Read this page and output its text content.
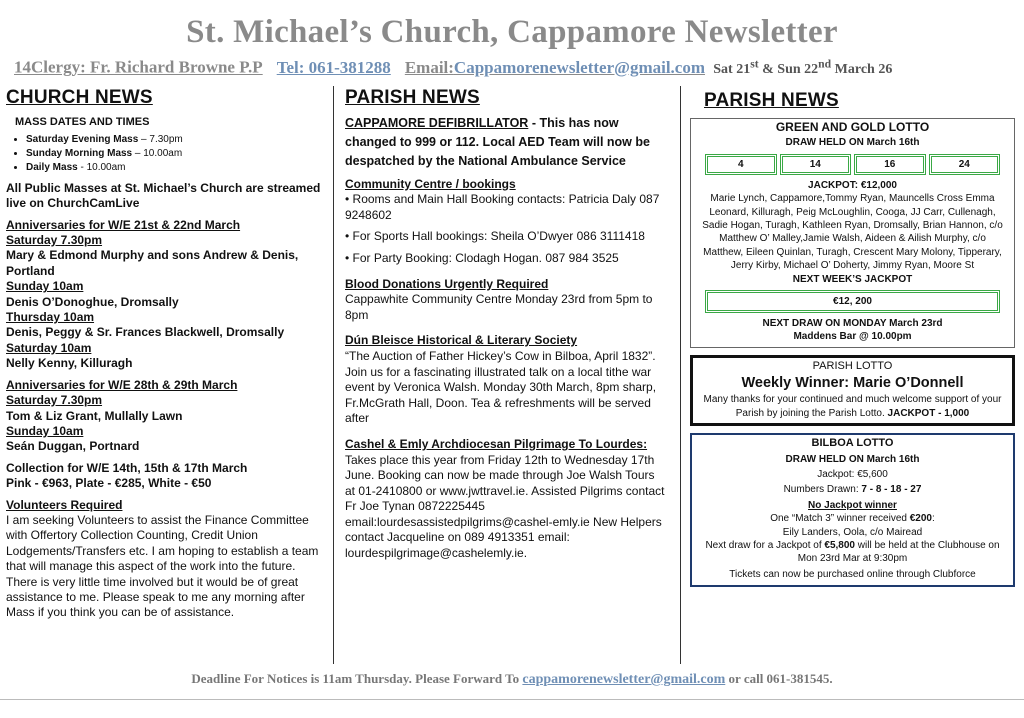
St. Michael’s Church, Cappamore Newsletter
14Clergy: Fr. Richard Browne P.P Tel: 061-381288 Email:Cappamorenewsletter@gmail.com Sat 21st & Sun 22nd March 26
CHURCH NEWS
MASS DATES AND TIMES
• Saturday Evening Mass – 7.30pm
• Sunday Morning Mass – 10.00am
• Daily Mass - 10.00am
All Public Masses at St. Michael’s Church are streamed live on ChurchCamLive
Anniversaries for W/E 21st & 22nd March
Saturday 7.30pm
Mary & Edmond Murphy and sons Andrew & Denis, Portland
Sunday 10am
Denis O’Donoghue, Dromsally
Thursday 10am
Denis, Peggy & Sr. Frances Blackwell, Dromsally
Saturday 10am
Nelly Kenny, Killuragh
Anniversaries for W/E 28th & 29th March
Saturday 7.30pm
Tom & Liz Grant, Mullally Lawn
Sunday 10am
Seán Duggan, Portnard
Collection for W/E 14th, 15th & 17th March
Pink - €963, Plate - €285, White - €50
Volunteers Required
I am seeking Volunteers to assist the Finance Committee with Offertory Collection Counting, Credit Union Lodgements/Transfers etc. I am hoping to establish a team that will manage this aspect of the work into the future. There is very little time involved but it would be of great assistance to me. Please speak to me any morning after Mass if you think you can be of assistance.
PARISH NEWS
CAPPAMORE DEFIBRILLATOR - This has now changed to 999 or 112. Local AED Team will now be despatched by the National Ambulance Service
Community Centre / bookings
• Rooms and Main Hall Booking contacts: Patricia Daly 087 9248602
• For Sports Hall bookings: Sheila O’Dwyer 086 3111418
• For Party Booking: Clodagh Hogan. 087 984 3525
Blood Donations Urgently Required
Cappawhite Community Centre Monday 23rd from 5pm to 8pm
Dún Bleisce Historical & Literary Society
“The Auction of Father Hickey’s Cow in Bilboa, April 1832”. Join us for a fascinating illustrated talk on a local tithe war event by Veronica Walsh. Monday 30th March, 8pm sharp, Fr.McGrath Hall, Doon. Tea & refreshments will be served after
Cashel & Emly Archdiocesan Pilgrimage To Lourdes:
Takes place this year from Friday 12th to Wednesday 17th June. Booking can now be made through Joe Walsh Tours at 01-2410800 or www.jwttravel.ie. Assisted Pilgrims contact Fr Joe Tynan 0872225445 email:lourdesassistedpilgrims@cashel-emly.ie New Helpers contact Jacqueline on 089 4913351 email: lourdespilgrimage@cashelemly.ie.
PARISH NEWS
GREEN AND GOLD LOTTO
DRAW HELD ON March 16th
4	14	16	24
JACKPOT: €12,000
Marie Lynch, Cappamore,Tommy Ryan, Mauncells Cross Emma Leonard, Killuragh, Peig McLoughlin, Cooga, JJ Carr, Cullenagh, Sadie Hogan, Turagh, Kathleen Ryan, Dromsally, Brian Hannon, c/o Matthew O’ Malley,Jamie Walsh, Aideen & Ailish Murphy, c/o Matthew, Eileen Quinlan, Turagh, Crescent Mary Molony, Tipperary, Jerry Kirby, Michael O’ Doherty, Jimmy Ryan, Moore St
NEXT WEEK’S JACKPOT
€12, 200
NEXT DRAW ON MONDAY March 23rd
Maddens Bar @ 10.00pm
PARISH LOTTO
Weekly Winner: Marie O’Donnell
Many thanks for your continued and much welcome support of your Parish by joining the Parish Lotto. JACKPOT - 1,000
BILBOA LOTTO
DRAW HELD ON March 16th
Jackpot: €5,600
Numbers Drawn: 7 - 8 - 18 - 27
No Jackpot winner
One “Match 3” winner received €200:
Eily Landers, Oola, c/o Mairead
Next draw for a Jackpot of €5,800 will be held at the Clubhouse on Mon 23rd Mar at 9:30pm
Tickets can now be purchased online through Clubforce
Deadline For Notices is 11am Thursday. Please Forward To cappamorenewsletter@gmail.com or call 061-381545.
